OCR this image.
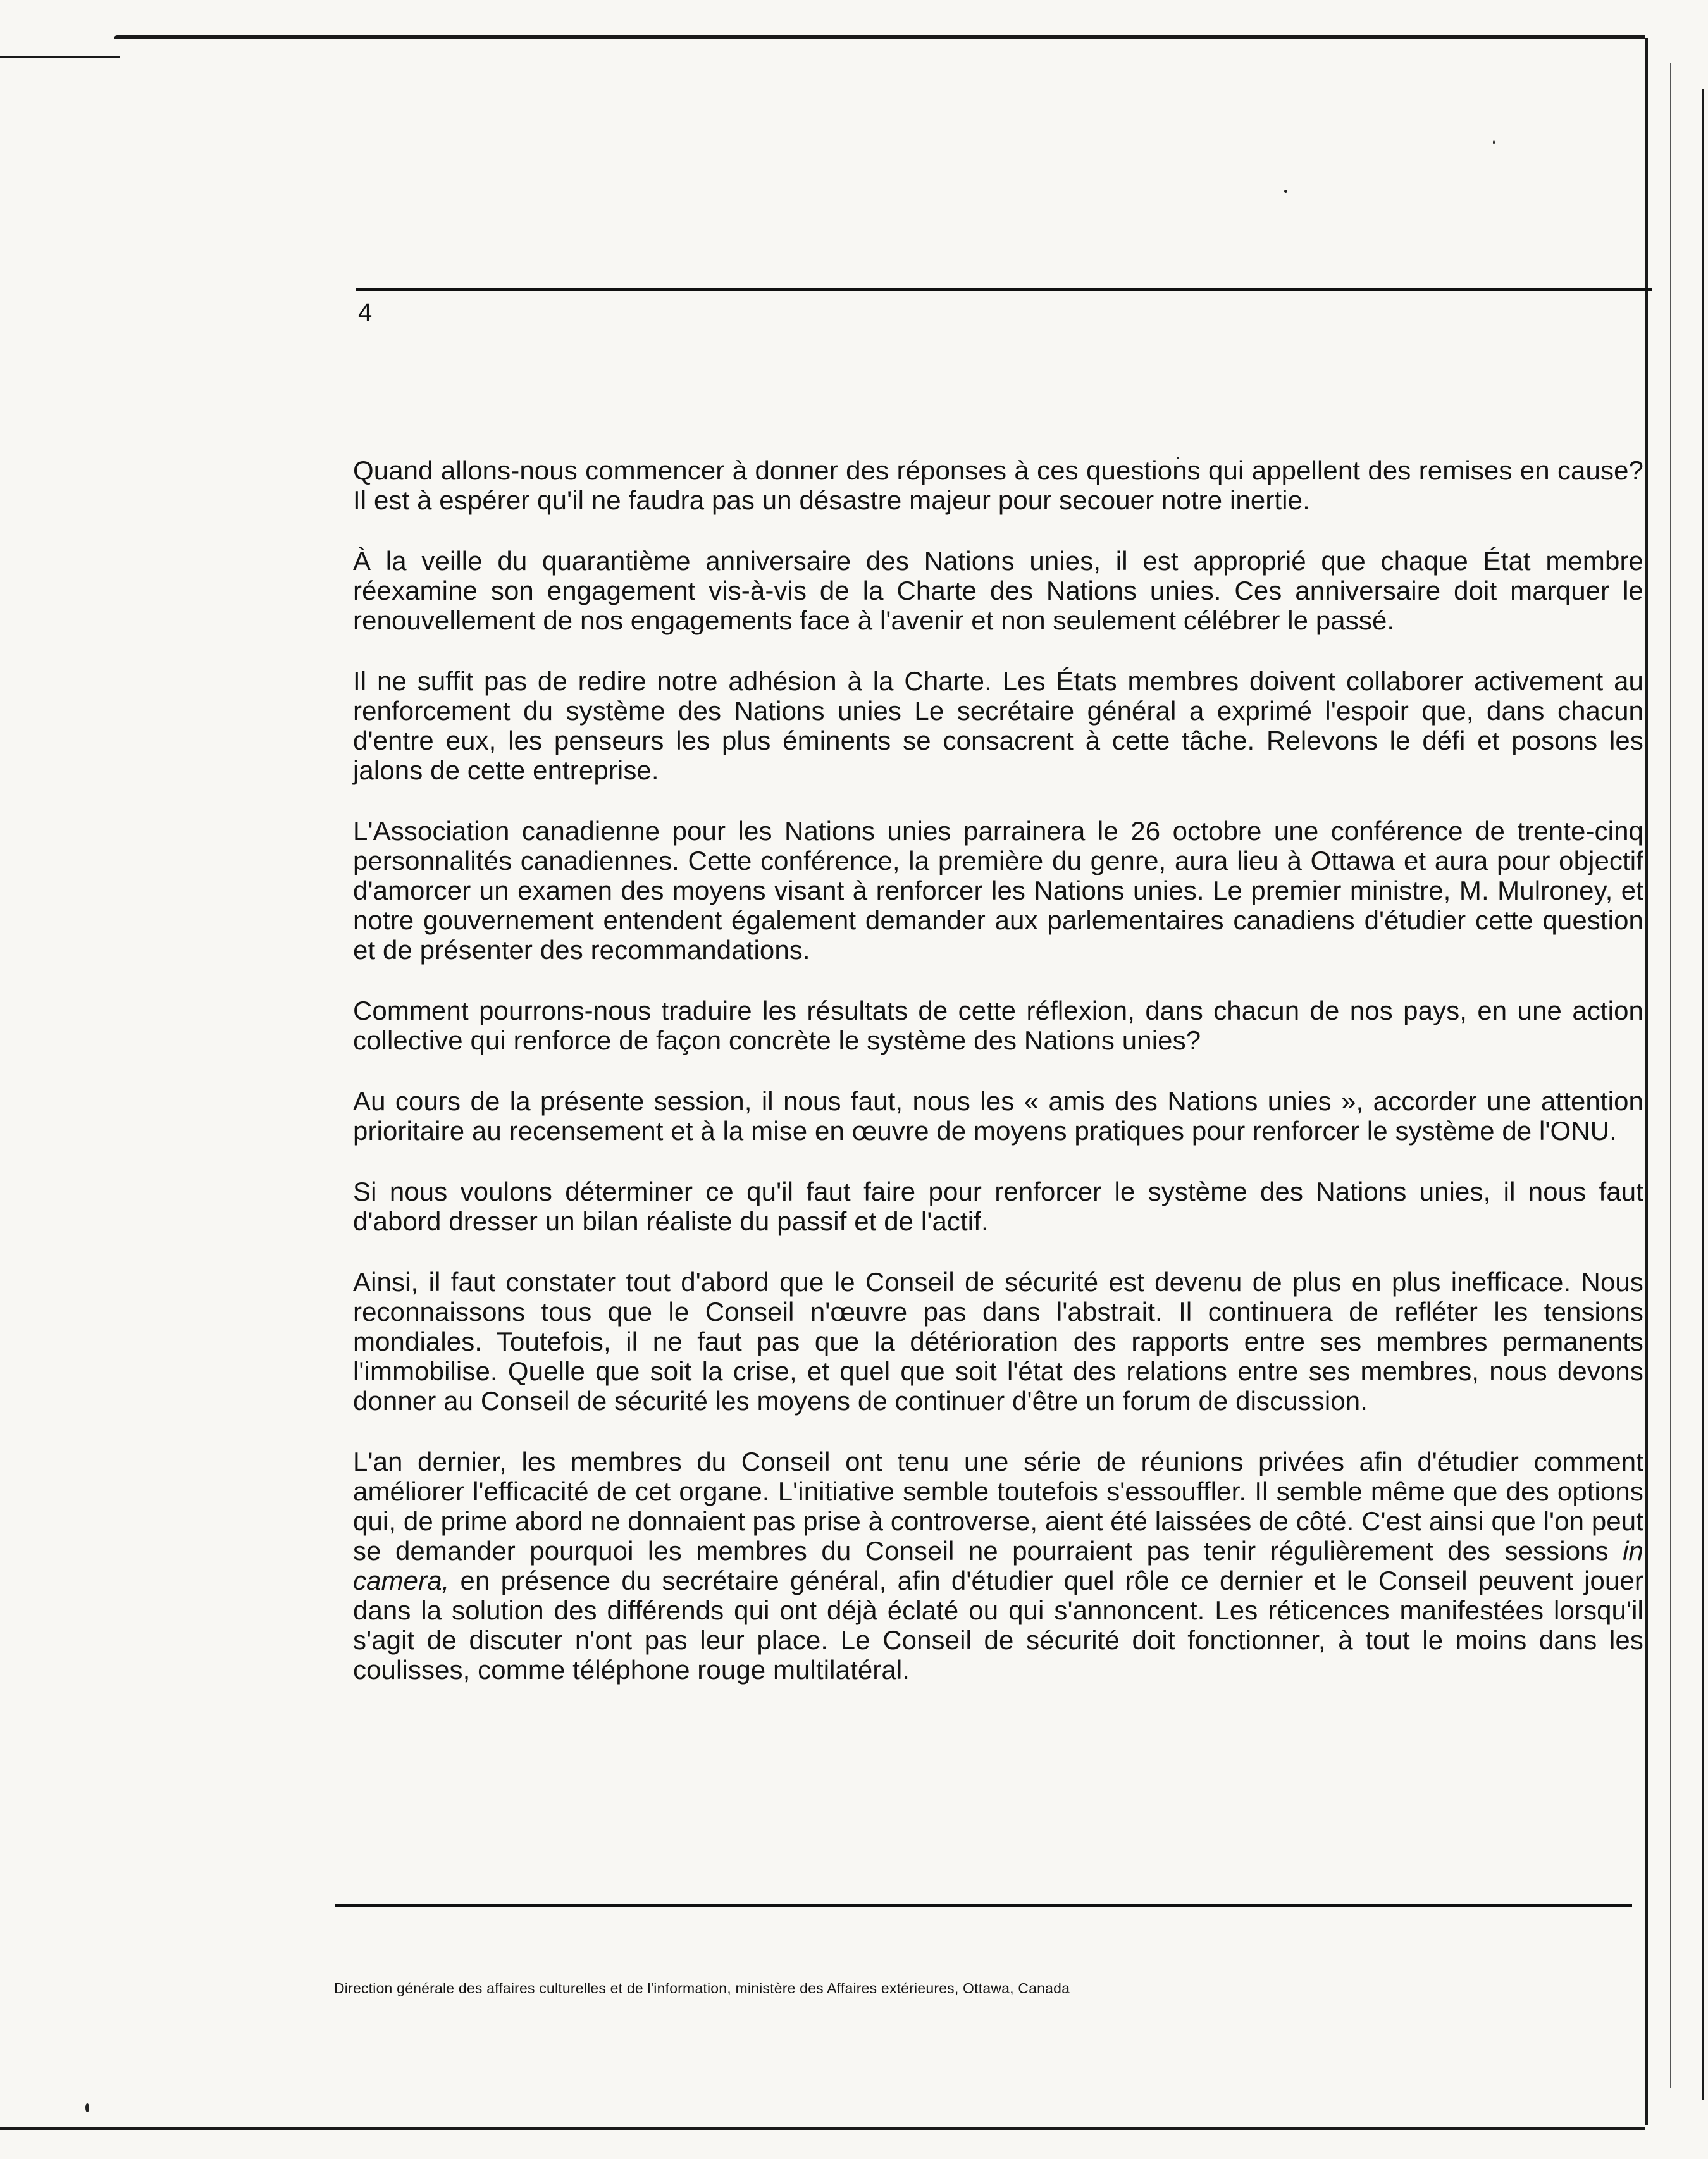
4

Quand allons-nous commencer à donner des réponses à ces questions qui appellent des remises en cause? Il est à espérer qu'il ne faudra pas un désastre majeur pour secouer notre inertie.

À la veille du quarantième anniversaire des Nations unies, il est approprié que chaque État membre réexamine son engagement vis-à-vis de la Charte des Nations unies. Ces anniversaire doit marquer le renouvellement de nos engagements face à l'avenir et non seulement célébrer le passé.

Il ne suffit pas de redire notre adhésion à la Charte. Les États membres doivent collaborer activement au renforcement du système des Nations unies Le secrétaire général a exprimé l'espoir que, dans chacun d'entre eux, les penseurs les plus éminents se consacrent à cette tâche. Relevons le défi et posons les jalons de cette entreprise.

L'Association canadienne pour les Nations unies parrainera le 26 octobre une conférence de trente-cinq personnalités canadiennes. Cette conférence, la première du genre, aura lieu à Ottawa et aura pour objectif d'amorcer un examen des moyens visant à renforcer les Nations unies. Le premier ministre, M. Mulroney, et notre gouvernement entendent également demander aux parlementaires canadiens d'étudier cette question et de présenter des recommandations.

Comment pourrons-nous traduire les résultats de cette réflexion, dans chacun de nos pays, en une action collective qui renforce de façon concrète le système des Nations unies?

Au cours de la présente session, il nous faut, nous les « amis des Nations unies », accorder une attention prioritaire au recensement et à la mise en œuvre de moyens pratiques pour renforcer le système de l'ONU.

Si nous voulons déterminer ce qu'il faut faire pour renforcer le système des Nations unies, il nous faut d'abord dresser un bilan réaliste du passif et de l'actif.

Ainsi, il faut constater tout d'abord que le Conseil de sécurité est devenu de plus en plus inefficace. Nous reconnaissons tous que le Conseil n'œuvre pas dans l'abstrait. Il continuera de refléter les tensions mondiales. Toutefois, il ne faut pas que la détérioration des rapports entre ses membres permanents l'immobilise. Quelle que soit la crise, et quel que soit l'état des relations entre ses membres, nous devons donner au Conseil de sécurité les moyens de continuer d'être un forum de discussion.

L'an dernier, les membres du Conseil ont tenu une série de réunions privées afin d'étudier comment améliorer l'efficacité de cet organe. L'initiative semble toutefois s'essouffler. Il semble même que des options qui, de prime abord ne donnaient pas prise à controverse, aient été laissées de côté. C'est ainsi que l'on peut se demander pourquoi les membres du Conseil ne pourraient pas tenir régulièrement des sessions in camera, en présence du secrétaire général, afin d'étudier quel rôle ce dernier et le Conseil peuvent jouer dans la solution des différends qui ont déjà éclaté ou qui s'annoncent. Les réticences manifestées lorsqu'il s'agit de discuter n'ont pas leur place. Le Conseil de sécurité doit fonctionner, à tout le moins dans les coulisses, comme téléphone rouge multilatéral.

Direction générale des affaires culturelles et de l'information, ministère des Affaires extérieures, Ottawa, Canada
